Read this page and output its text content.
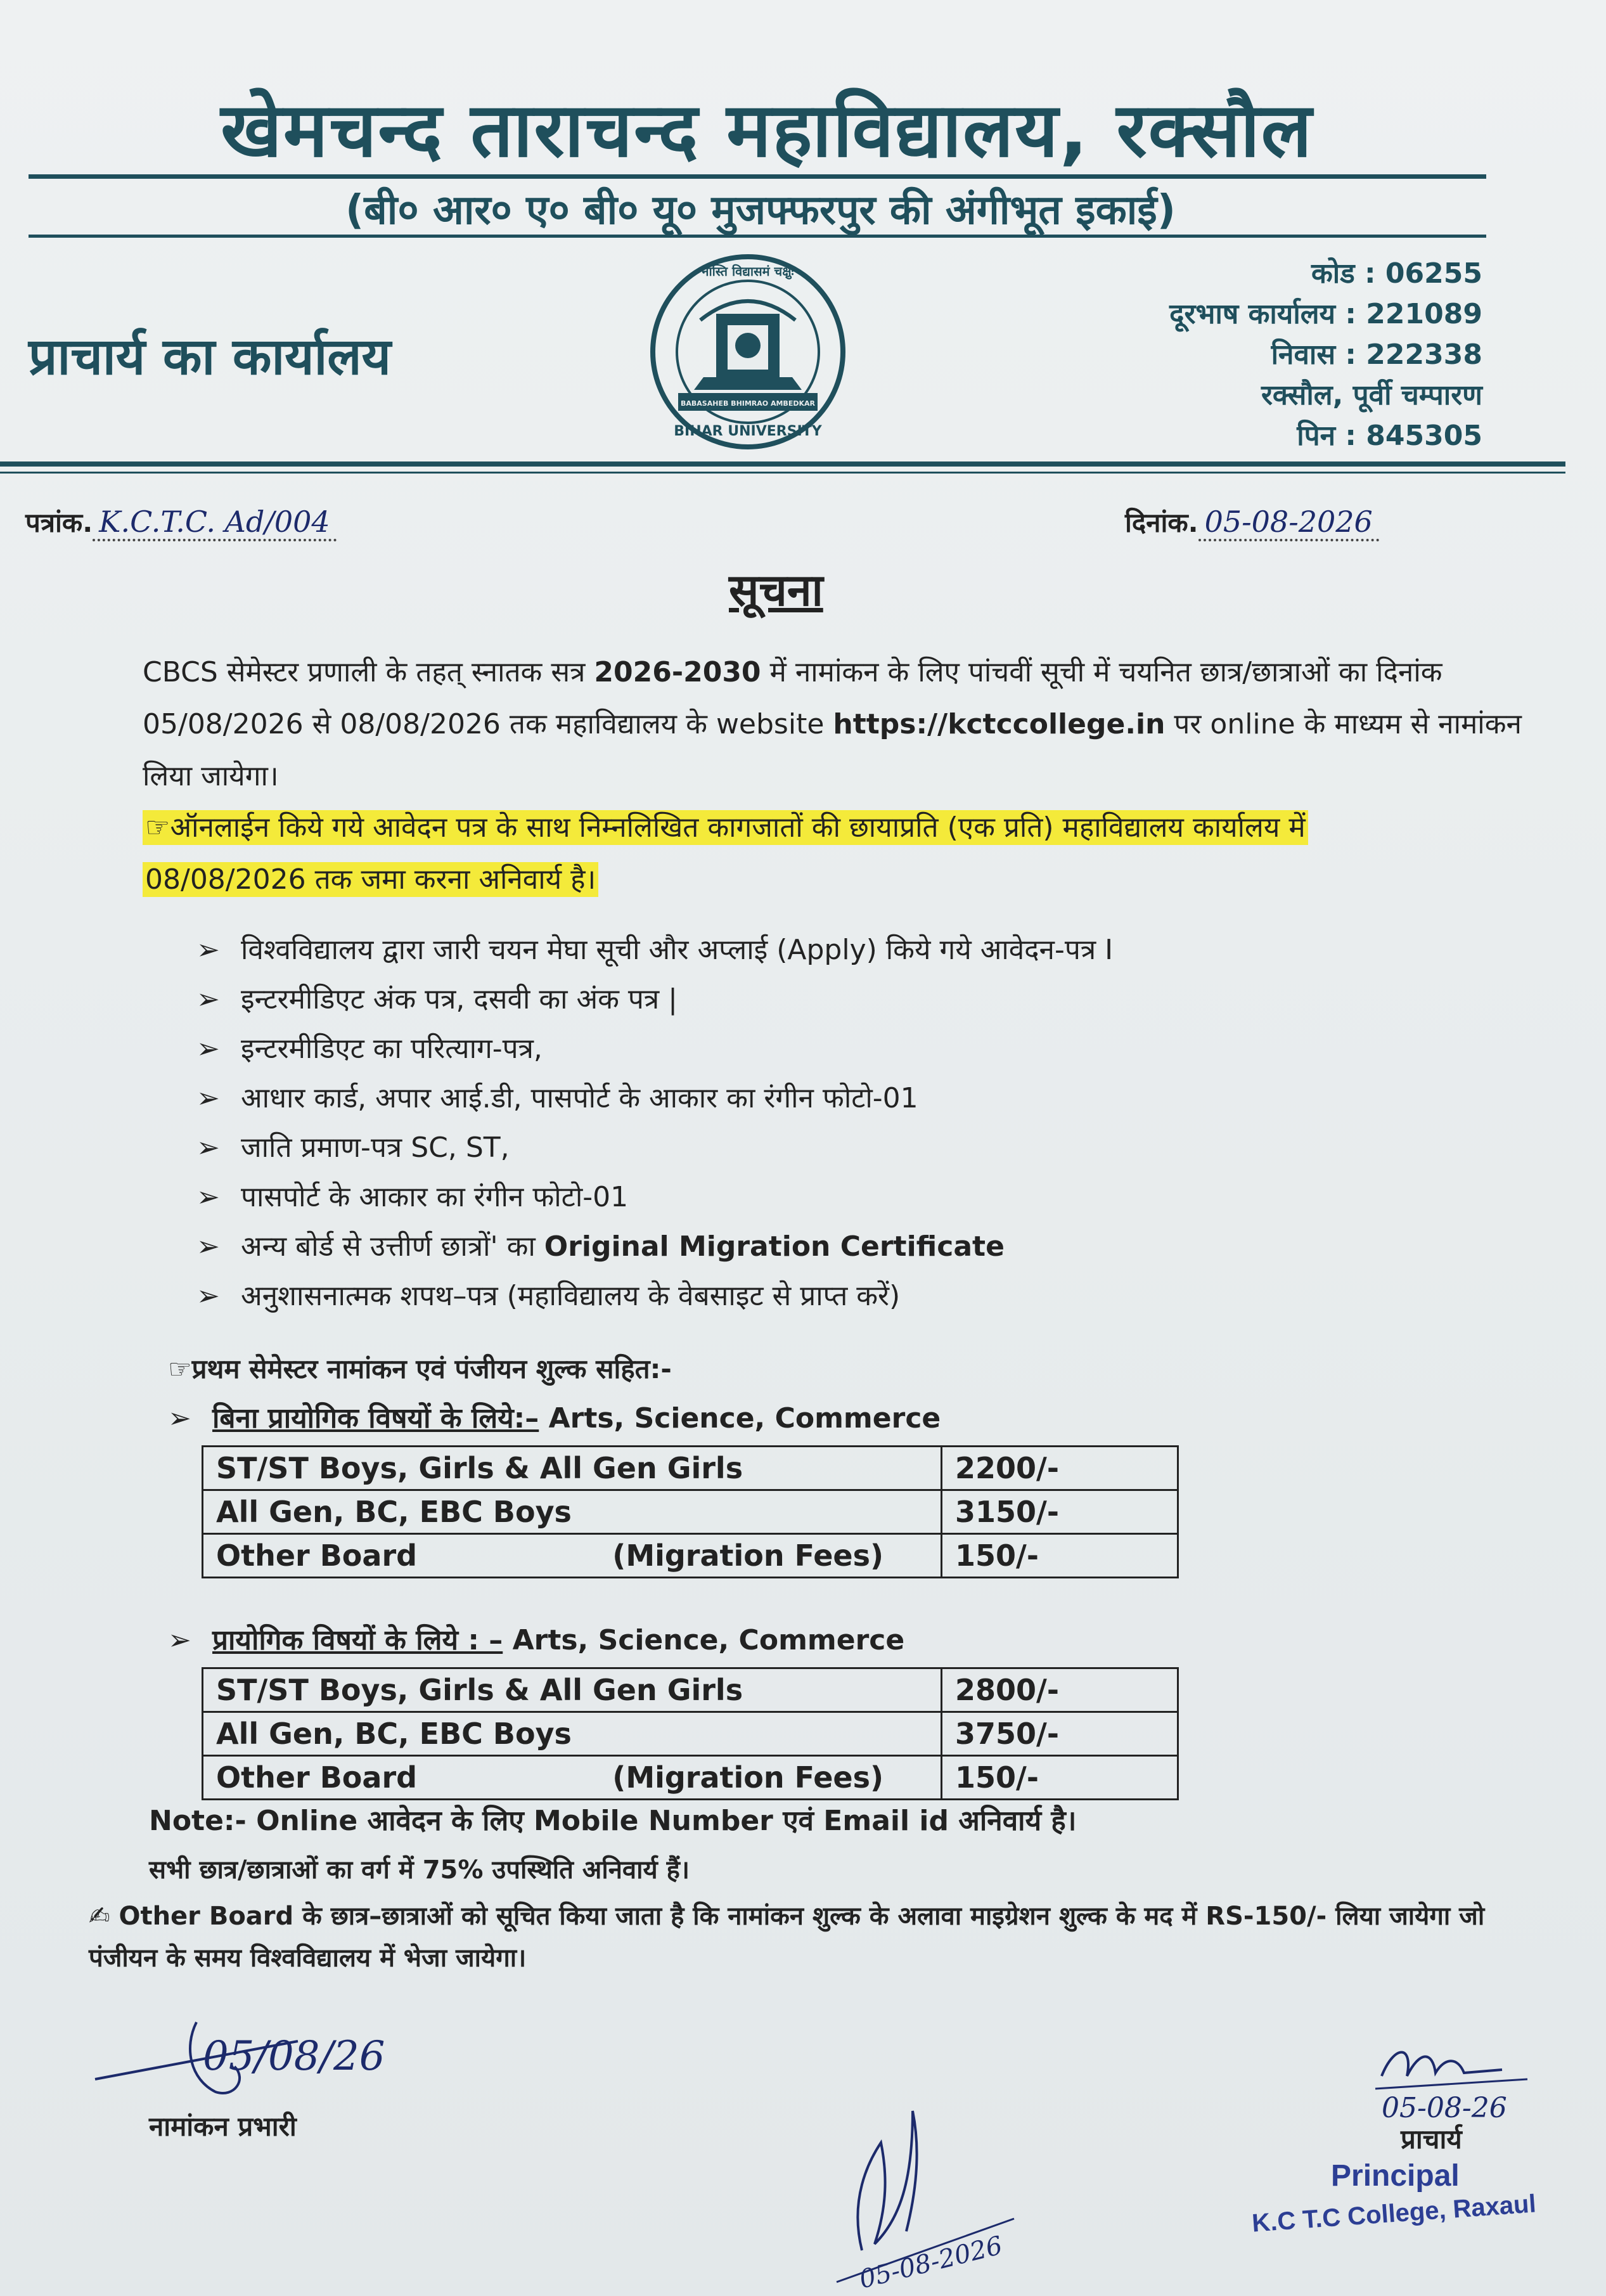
खेमचन्द ताराचन्द महाविद्यालय, रक्सौल
(बी० आर० ए० बी० यू० मुजफ्फरपुर की अंगीभूत इकाई)
प्राचार्य का कार्यालय
BIHAR UNIVERSITY
नास्ति विद्यासमं चक्षुः
BABASAHEB BHIMRAO AMBEDKAR
कोड : 06255
दूरभाष कार्यालय : 221089
निवास : 222338
रक्सौल, पूर्वी चम्पारण
पिन : 845305
पत्रांक. K.C.T.C. Ad/004	दिनांक. 05-08-2026
सूचना
CBCS सेमेस्टर प्रणाली के तहत् स्नातक सत्र 2026-2030 में नामांकन के लिए पांचवीं सूची में चयनित छात्र/छात्राओं का दिनांक 05/08/2026 से 08/08/2026 तक महाविद्यालय के website https://kctccollege.in पर online के माध्यम से नामांकन लिया जायेगा।
☞ऑनलाईन किये गये आवेदन पत्र के साथ निम्नलिखित कागजातों की छायाप्रति (एक प्रति) महाविद्यालय कार्यालय में 08/08/2026 तक जमा करना अनिवार्य है।
➢ विश्वविद्यालय द्वारा जारी चयन मेघा सूची और अप्लाई (Apply) किये गये आवेदन-पत्र I
➢ इन्टरमीडिएट अंक पत्र, दसवी का अंक पत्र |
➢ इन्टरमीडिएट का परित्याग-पत्र,
➢ आधार कार्ड, अपार आई.डी, पासपोर्ट के आकार का रंगीन फोटो-01
➢ जाति प्रमाण-पत्र SC, ST,
➢ पासपोर्ट के आकार का रंगीन फोटो-01
➢ अन्य बोर्ड से उत्तीर्ण छात्रों' का Original Migration Certificate
➢ अनुशासनात्मक शपथ–पत्र (महाविद्यालय के वेबसाइट से प्राप्त करें)
☞प्रथम सेमेस्टर नामांकन एवं पंजीयन शुल्क सहित:-
➢ बिना प्रायोगिक विषयों के लिये:– Arts, Science, Commerce
ST/ST Boys, Girls & All Gen Girls	2200/-
All Gen, BC, EBC Boys	3150/-
Other Board (Migration Fees)	150/-
➢ प्रायोगिक विषयों के लिये : – Arts, Science, Commerce
ST/ST Boys, Girls & All Gen Girls	2800/-
All Gen, BC, EBC Boys	3750/-
Other Board (Migration Fees)	150/-
Note:- Online आवेदन के लिए Mobile Number एवं Email id अनिवार्य है।
सभी छात्र/छात्राओं का वर्ग में 75% उपस्थिति अनिवार्य हैं।
✍ Other Board के छात्र–छात्राओं को सूचित किया जाता है कि नामांकन शुल्क के अलावा माइग्रेशन शुल्क के मद में RS-150/- लिया जायेगा जो पंजीयन के समय विश्वविद्यालय में भेजा जायेगा।
05/08/26
नामांकन प्रभारी
05-08-2026
05-08-26
प्राचार्य
Principal
K.C T.C College, Raxaul
